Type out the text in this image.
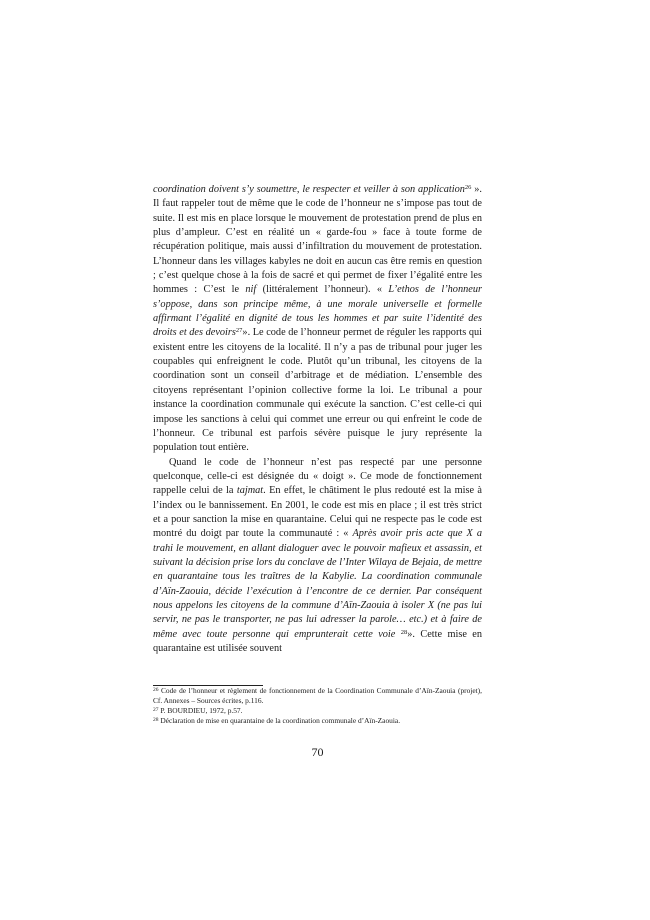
coordination doivent s’y soumettre, le respecter et veiller à son application$^{26}$ ». Il faut rappeler tout de même que le code de l’honneur ne s’impose pas tout de suite. Il est mis en place lorsque le mouvement de protestation prend de plus en plus d’ampleur. C’est en réalité un « garde-fou » face à toute forme de récupération politique, mais aussi d’infiltration du mouvement de protestation. L’honneur dans les villages kabyles ne doit en aucun cas être remis en question ; c’est quelque chose à la fois de sacré et qui permet de fixer l’égalité entre les hommes : C’est le nif (littéralement l’honneur). « L’ethos de l’honneur s’oppose, dans son principe même, à une morale universelle et formelle affirmant l’égalité en dignité de tous les hommes et par suite l’identité des droits et des devoirs$^{27}$». Le code de l’honneur permet de réguler les rapports qui existent entre les citoyens de la localité. Il n’y a pas de tribunal pour juger les coupables qui enfreignent le code. Plutôt qu’un tribunal, les citoyens de la coordination sont un conseil d’arbitrage et de médiation. L’ensemble des citoyens représentant l’opinion collective forme la loi. Le tribunal a pour instance la coordination communale qui exécute la sanction. C’est celle-ci qui impose les sanctions à celui qui commet une erreur ou qui enfreint le code de l’honneur. Ce tribunal est parfois sévère puisque le jury représente la population tout entière.

Quand le code de l’honneur n’est pas respecté par une personne quelconque, celle-ci est désignée du « doigt ». Ce mode de fonctionnement rappelle celui de la tajmat. En effet, le châtiment le plus redouté est la mise à l’index ou le bannissement. En 2001, le code est mis en place ; il est très strict et a pour sanction la mise en quarantaine. Celui qui ne respecte pas le code est montré du doigt par toute la communauté : « Après avoir pris acte que X a trahi le mouvement, en allant dialoguer avec le pouvoir mafieux et assassin, et suivant la décision prise lors du conclave de l’Inter Wilaya de Bejaia, de mettre en quarantaine tous les traîtres de la Kabylie. La coordination communale d’Aïn-Zaouia, décide l’exécution à l’encontre de ce dernier. Par conséquent nous appelons les citoyens de la commune d’Aïn-Zaouia à isoler X (ne pas lui servir, ne pas le transporter, ne pas lui adresser la parole… etc.) et à faire de même avec toute personne qui emprunterait cette voie $^{28}$». Cette mise en quarantaine est utilisée souvent

$^{26}$ Code de l’honneur et règlement de fonctionnement de la Coordination Communale d’Aïn-Zaouia (projet), Cf. Annexes – Sources écrites, p.116.

$^{27}$ P. BOURDIEU, 1972, p.57.

$^{28}$ Déclaration de mise en quarantaine de la coordination communale d’Aïn-Zaouia.

70
